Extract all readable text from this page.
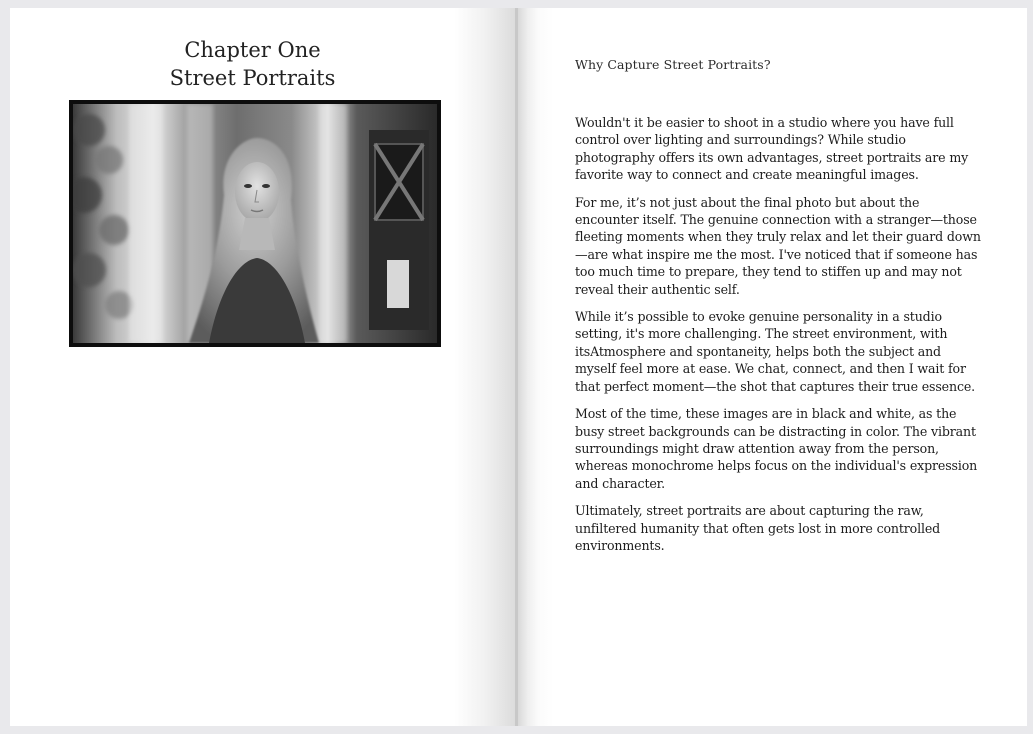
Chapter One
Street Portraits
Why Capture Street Portraits?

Wouldn't it be easier to shoot in a studio where you have full control over lighting and surroundings? While studio photography offers its own advantages, street portraits are my favorite way to connect and create meaningful images.

For me, it’s not just about the final photo but about the encounter itself. The genuine connection with a stranger—those fleeting moments when they truly relax and let their guard down—are what inspire me the most. I've noticed that if someone has too much time to prepare, they tend to stiffen up and may not reveal their authentic self.

While it’s possible to evoke genuine personality in a studio setting, it's more challenging. The street environment, with itsAtmosphere and spontaneity, helps both the subject and myself feel more at ease. We chat, connect, and then I wait for that perfect moment—the shot that captures their true essence.

Most of the time, these images are in black and white, as the busy street backgrounds can be distracting in color. The vibrant surroundings might draw attention away from the person, whereas monochrome helps focus on the individual's expression and character.

Ultimately, street portraits are about capturing the raw, unfiltered humanity that often gets lost in more controlled environments.
